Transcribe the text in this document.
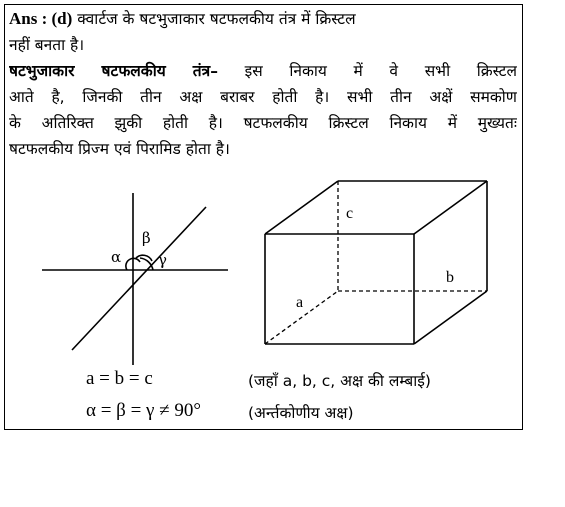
Ans : (d) क्वार्टज के षटभुजाकार षटफलकीय तंत्र में क्रिस्टल
नहीं बनता है।
षटभुजाकार षटफलकीय तंत्र– इस निकाय में वे सभी क्रिस्टल
आते है, जिनकी तीन अक्ष बराबर होती है। सभी तीन अक्षें समकोण
के अतिरिक्त झुकी होती है। षटफलकीय क्रिस्टल निकाय में मुख्यतः
षटफलकीय प्रिज्म एवं पिरामिड होता है।
α
β
γ
c
b
a
a = b = c	(जहाँ a, b, c, अक्ष की लम्बाई)
α = β = γ ≠ 90°	(अर्न्तकोणीय अक्ष)
